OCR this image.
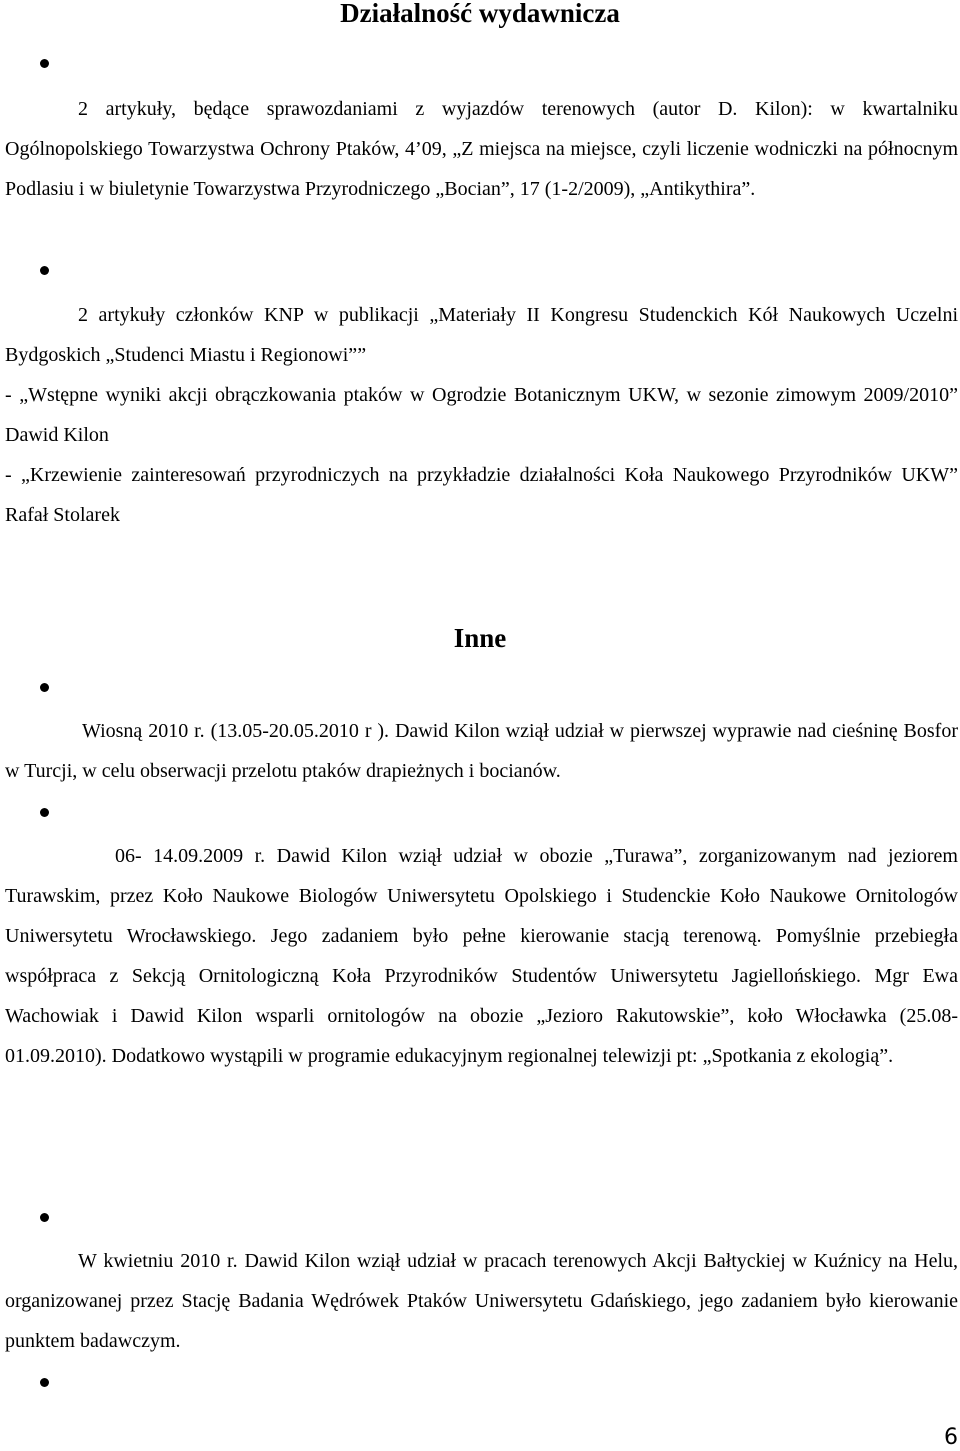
Działalność wydawnicza

2 artykuły, będące sprawozdaniami z wyjazdów terenowych (autor D. Kilon): w kwartalniku Ogólnopolskiego Towarzystwa Ochrony Ptaków, 4’09, „Z miejsca na miejsce, czyli liczenie wodniczki na północnym Podlasiu i w biuletynie Towarzystwa Przyrodniczego „Bocian”, 17 (1-2/2009), „Antikythira”.

2 artykuły członków KNP w publikacji „Materiały II Kongresu Studenckich Kół Naukowych Uczelni Bydgoskich „Studenci Miastu i Regionowi””

- „Wstępne wyniki akcji obrączkowania ptaków w Ogrodzie Botanicznym UKW, w sezonie zimowym 2009/2010” Dawid Kilon

- „Krzewienie zainteresowań przyrodniczych na przykładzie działalności Koła Naukowego Przyrodników UKW” Rafał Stolarek

Inne

Wiosną 2010 r. (13.05-20.05.2010 r ). Dawid Kilon wziął udział w pierwszej wyprawie nad cieśninę Bosfor w Turcji, w celu obserwacji przelotu ptaków drapieżnych i bocianów.

06- 14.09.2009 r. Dawid Kilon wziął udział w obozie „Turawa”, zorganizowanym nad jeziorem Turawskim, przez Koło Naukowe Biologów Uniwersytetu Opolskiego i Studenckie Koło Naukowe Ornitologów Uniwersytetu Wrocławskiego. Jego zadaniem było pełne kierowanie stacją terenową. Pomyślnie przebiegła współpraca z Sekcją Ornitologiczną Koła Przyrodników Studentów Uniwersytetu Jagiellońskiego. Mgr Ewa Wachowiak i Dawid Kilon wsparli ornitologów na obozie „Jezioro Rakutowskie”, koło Włocławka (25.08-01.09.2010). Dodatkowo wystąpili w programie edukacyjnym regionalnej telewizji pt: „Spotkania z ekologią”.

W kwietniu 2010 r. Dawid Kilon wziął udział w pracach terenowych Akcji Bałtyckiej w Kuźnicy na Helu, organizowanej przez Stację Badania Wędrówek Ptaków Uniwersytetu Gdańskiego, jego zadaniem było kierowanie punktem badawczym.

6
